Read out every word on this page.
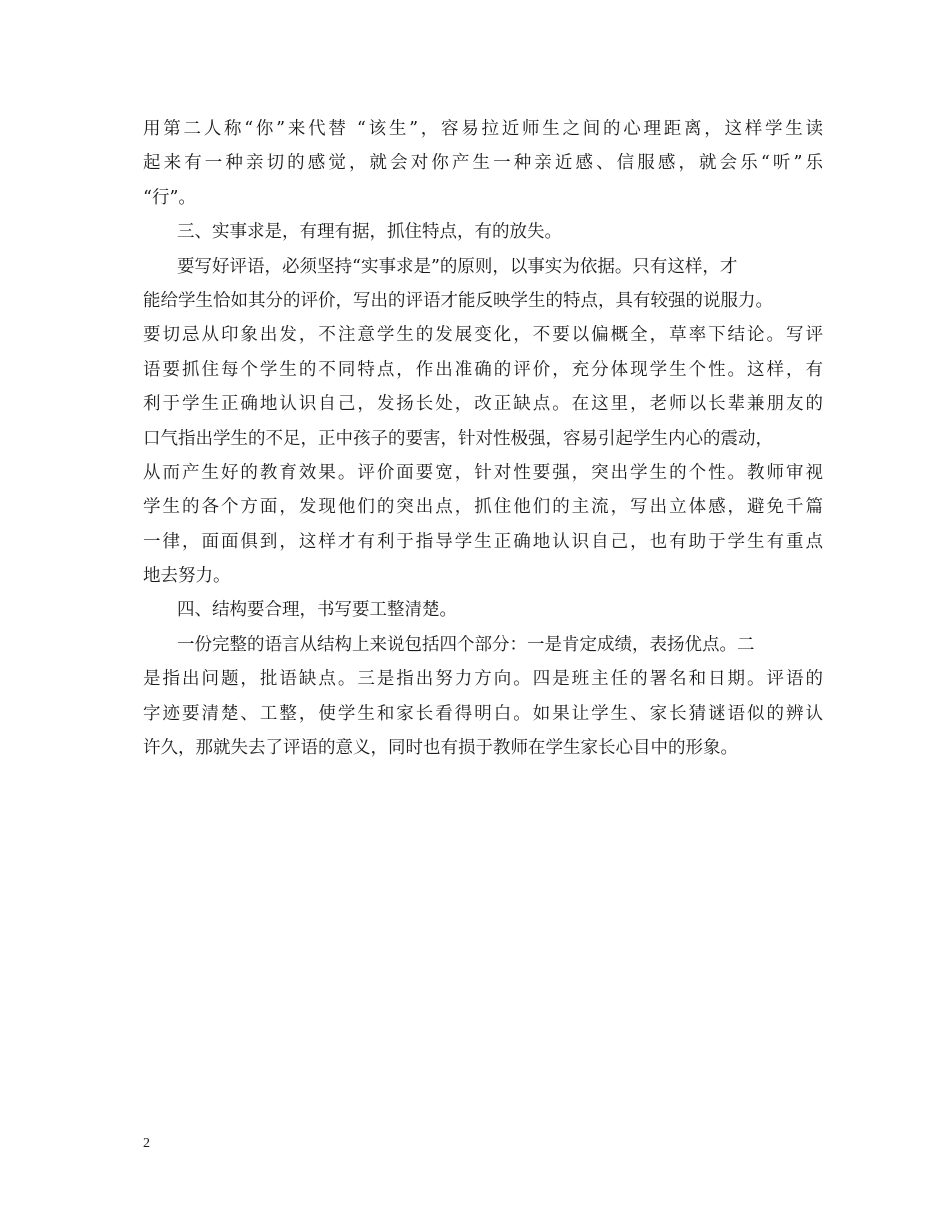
用第二人称“你”来代替 “该生”，容易拉近师生之间的心理距离，这样学生读
起来有一种亲切的感觉，就会对你产生一种亲近感、信服感，就会乐“听”乐
“行”。
三、实事求是，有理有据，抓住特点，有的放失。
要写好评语，必须坚持“实事求是”的原则，以事实为依据。只有这样，才
能给学生恰如其分的评价，写出的评语才能反映学生的特点，具有较强的说服力。
要切忌从印象出发，不注意学生的发展变化，不要以偏概全，草率下结论。写评
语要抓住每个学生的不同特点，作出准确的评价，充分体现学生个性。这样，有
利于学生正确地认识自己，发扬长处，改正缺点。在这里，老师以长辈兼朋友的
口气指出学生的不足，正中孩子的要害，针对性极强，容易引起学生内心的震动，
从而产生好的教育效果。评价面要宽，针对性要强，突出学生的个性。教师审视
学生的各个方面，发现他们的突出点，抓住他们的主流，写出立体感，避免千篇
一律，面面俱到，这样才有利于指导学生正确地认识自己，也有助于学生有重点
地去努力。
四、结构要合理，书写要工整清楚。
一份完整的语言从结构上来说包括四个部分：一是肯定成绩，表扬优点。二
是指出问题，批语缺点。三是指出努力方向。四是班主任的署名和日期。评语的
字迹要清楚、工整，使学生和家长看得明白。如果让学生、家长猜谜语似的辨认
许久，那就失去了评语的意义，同时也有损于教师在学生家长心目中的形象。
2
